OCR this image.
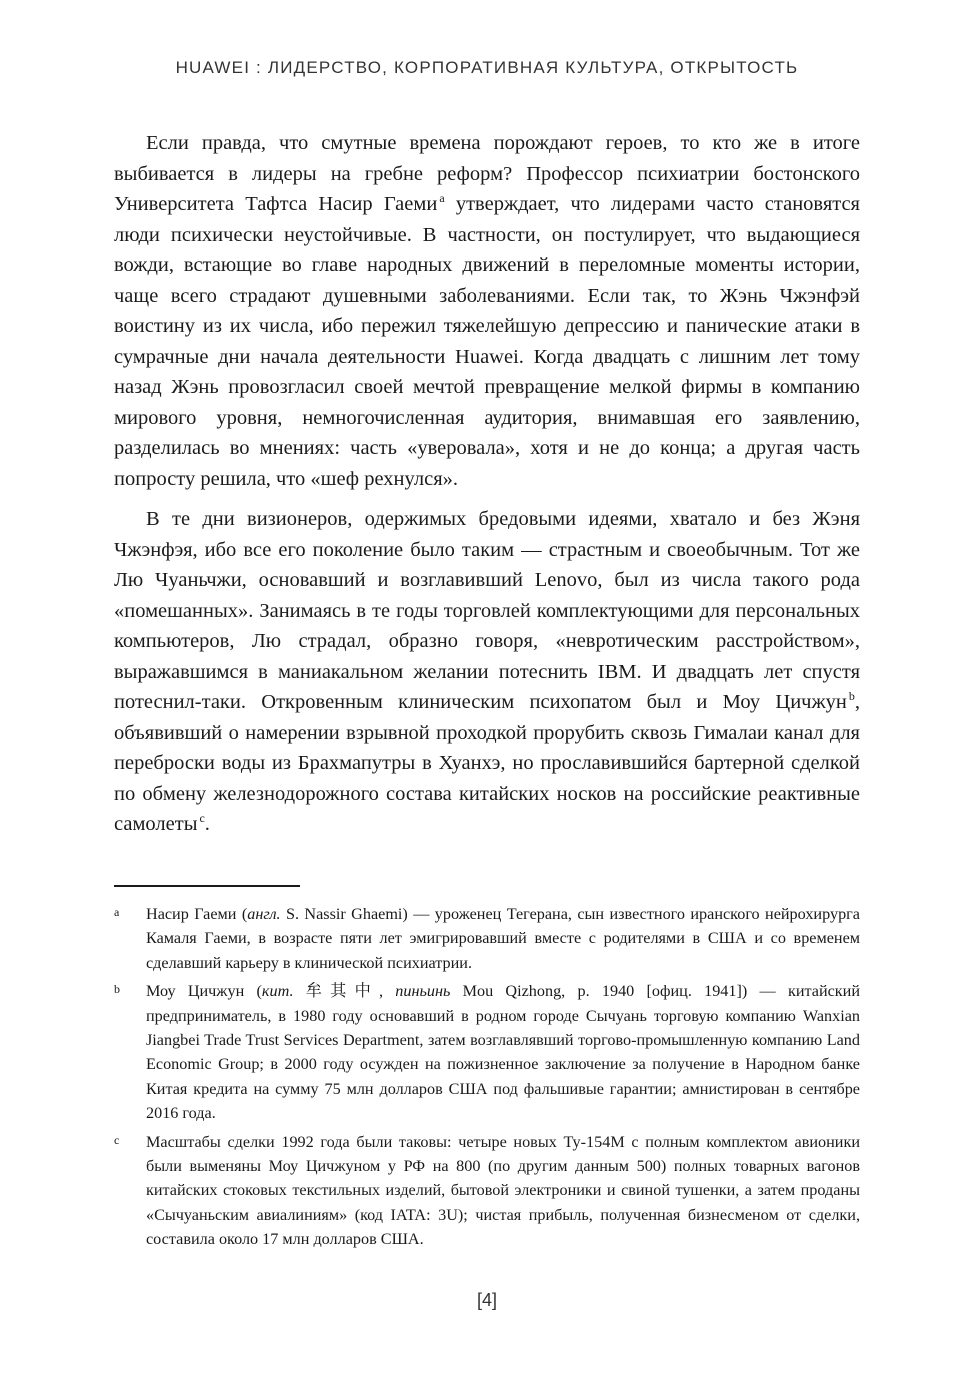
HUAWEI : ЛИДЕРСТВО, КОРПОРАТИВНАЯ КУЛЬТУРА, ОТКРЫТОСТЬ

Если правда, что смутные времена порождают героев, то кто же в итоге выбивается в лидеры на гребне реформ? Профессор психиатрии бостонского Университета Тафтса Насир Гаеми $^a$ утверждает, что лидерами часто становятся люди психически неустойчивые. В частности, он постулирует, что выдающиеся вожди, встающие во главе народных движений в переломные моменты истории, чаще всего страдают душевными заболеваниями. Если так, то Жэнь Чжэнфэй воистину из их числа, ибо пережил тяжелейшую депрессию и панические атаки в сумрачные дни начала деятельности Huawei. Когда двадцать с лишним лет тому назад Жэнь провозгласил своей мечтой превращение мелкой фирмы в компанию мирового уровня, немногочисленная аудитория, внимавшая его заявлению, разделилась во мнениях: часть «уверовала», хотя и не до конца; а другая часть попросту решила, что «шеф рехнулся».

В те дни визионеров, одержимых бредовыми идеями, хватало и без Жэня Чжэнфэя, ибо все его поколение было таким — страстным и своеобычным. Тот же Лю Чуаньчжи, основавший и возглавивший Lenovo, был из числа такого рода «помешанных». Занимаясь в те годы торговлей комплектующими для персональных компьютеров, Лю страдал, образно говоря, «невротическим расстройством», выражавшимся в маниакальном желании потеснить IBM. И двадцать лет спустя потеснил-таки. Откровенным клиническим психопатом был и Моу Цичжун $^b$, объявивший о намерении взрывной проходкой прорубить сквозь Гималаи канал для переброски воды из Брахмапутры в Хуанхэ, но прославившийся бартерной сделкой по обмену железнодорожного состава китайских носков на российские реактивные самолеты $^c$.

a	Насир Гаеми (англ. S. Nassir Ghaemi) — уроженец Тегерана, сын известного иранского нейрохирурга Камаля Гаеми, в возрасте пяти лет эмигрировавший вместе с родителями в США и со временем сделавший карьеру в клинической психиатрии.
b	Моу Цичжун (кит. 牟其中, пиньинь Mou Qizhong, р. 1940 [офиц. 1941]) — китайский предприниматель, в 1980 году основавший в родном городе Сычуань торговую компанию Wanxian Jiangbei Trade Trust Services Department, затем возглавлявший торгово-промышленную компанию Land Economic Group; в 2000 году осужден на пожизненное заключение за получение в Народном банке Китая кредита на сумму 75 млн долларов США под фальшивые гарантии; амнистирован в сентябре 2016 года.
c	Масштабы сделки 1992 года были таковы: четыре новых Ту-154М с полным комплектом авионики были выменяны Моу Цичжуном у РФ на 800 (по другим данным 500) полных товарных вагонов китайских стоковых текстильных изделий, бытовой электроники и свиной тушенки, а затем проданы «Сычуаньским авиалиниям» (код IATA: 3U); чистая прибыль, полученная бизнесменом от сделки, составила около 17 млн долларов США.
[4]
